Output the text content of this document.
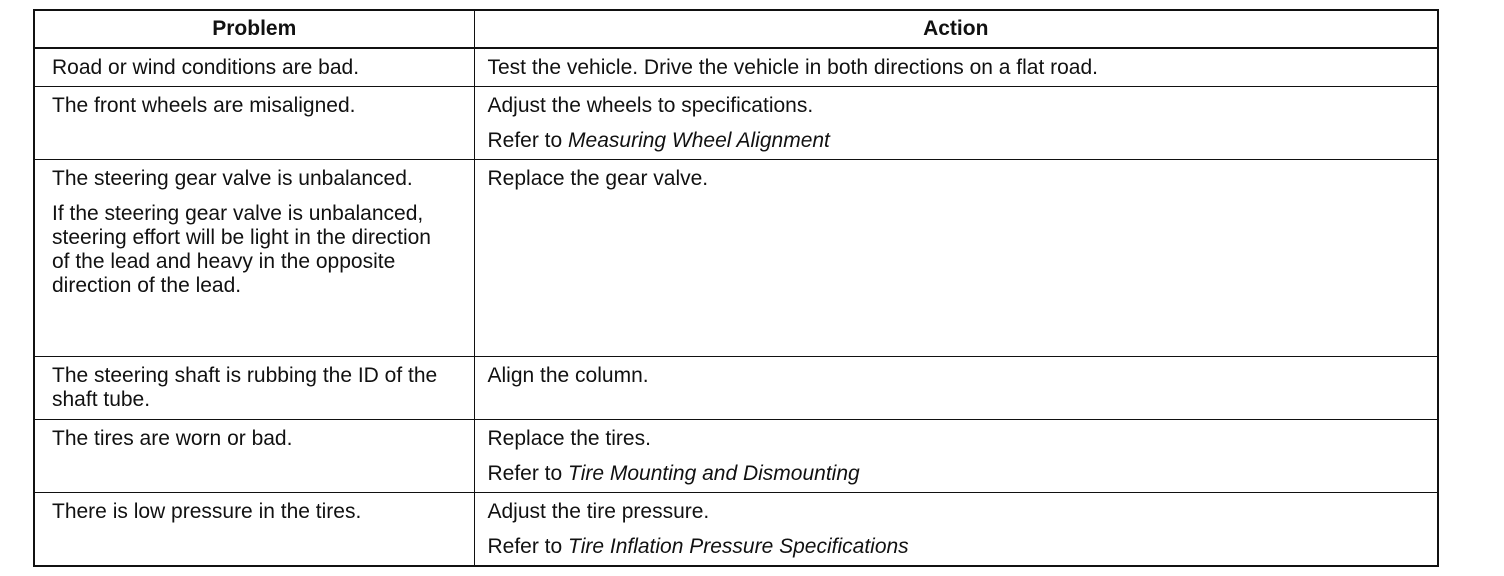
Problem	Action

Road or wind conditions are bad.	Test the vehicle. Drive the vehicle in both directions on a flat road.

The front wheels are misaligned.	Adjust the wheels to specifications.
Refer to Measuring Wheel Alignment

The steering gear valve is unbalanced.
If the steering gear valve is unbalanced, steering effort will be light in the direction of the lead and heavy in the opposite direction of the lead.	Replace the gear valve.

The steering shaft is rubbing the ID of the shaft tube.	Align the column.

The tires are worn or bad.	Replace the tires.
Refer to Tire Mounting and Dismounting

There is low pressure in the tires.	Adjust the tire pressure.
Refer to Tire Inflation Pressure Specifications
